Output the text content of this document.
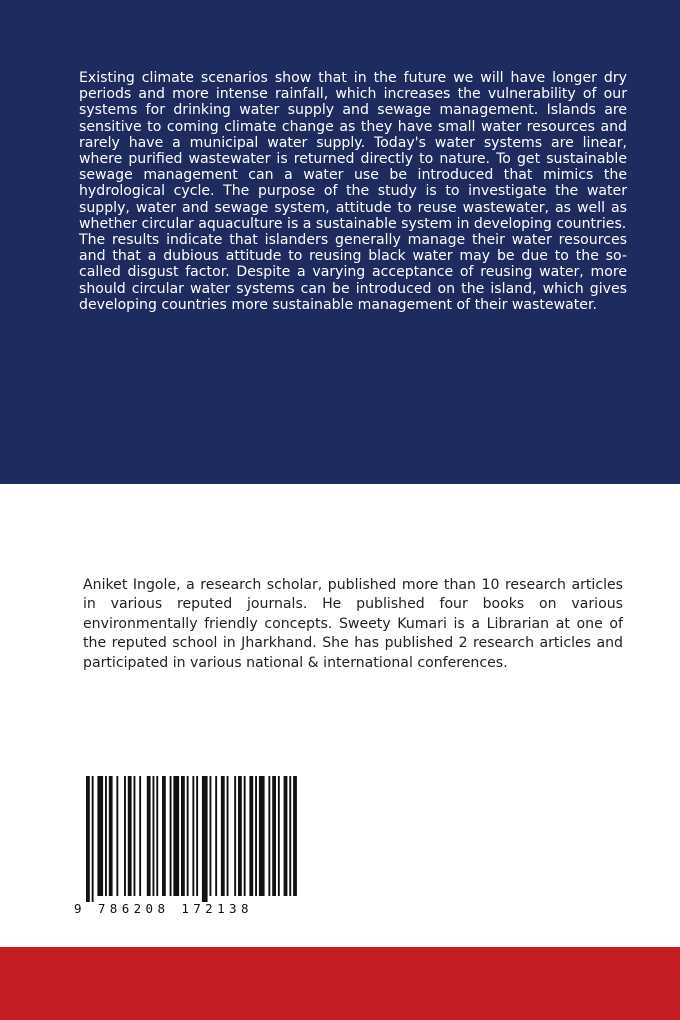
Existing climate scenarios show that in the future we will have longer dry periods and more intense rainfall, which increases the vulnerability of our systems for drinking water supply and sewage management. Islands are sensitive to coming climate change as they have small water resources and rarely have a municipal water supply. Today's water systems are linear, where purified wastewater is returned directly to nature. To get sustainable sewage management can a water use be introduced that mimics the hydrological cycle. The purpose of the study is to investigate the water supply, water and sewage system, attitude to reuse wastewater, as well as whether circular aquaculture is a sustainable system in developing countries.

The results indicate that islanders generally manage their water resources and that a dubious attitude to reusing black water may be due to the so-called disgust factor. Despite a varying acceptance of reusing water, more should circular water systems can be introduced on the island, which gives developing countries more sustainable management of their wastewater.

Aniket Ingole, a research scholar, published more than 10 research articles in various reputed journals. He published four books on various environmentally friendly concepts. Sweety Kumari is a Librarian at one of the reputed school in Jharkhand. She has published 2 research articles and participated in various national & international conferences.

9 786208 172138
